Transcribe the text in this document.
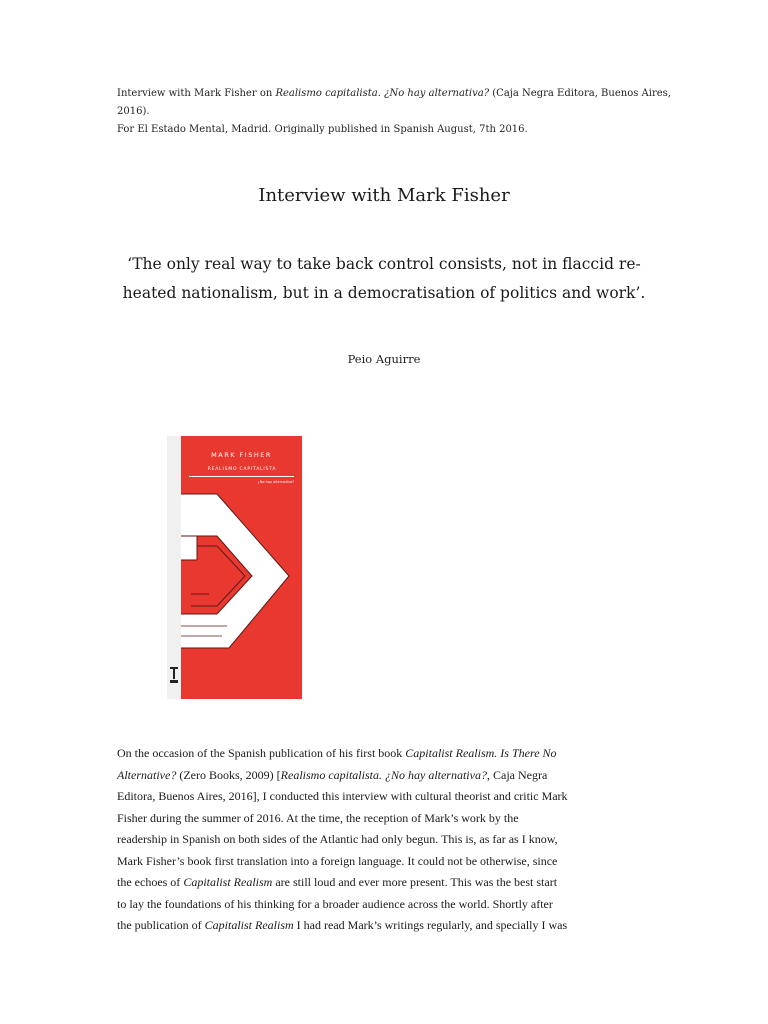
Interview with Mark Fisher on Realismo capitalista. ¿No hay alternativa? (Caja Negra Editora, Buenos Aires, 2016).
For El Estado Mental, Madrid. Originally published in Spanish August, 7th 2016.
Interview with Mark Fisher
‘The only real way to take back control consists, not in flaccid re-
heated nationalism, but in a democratisation of politics and work’.
Peio Aguirre
MARK FISHER
REALISMO CAPITALISTA
¿No hay alternativa?
On the occasion of the Spanish publication of his first book Capitalist Realism. Is There No
Alternative? (Zero Books, 2009) [Realismo capitalista. ¿No hay alternativa?, Caja Negra
Editora, Buenos Aires, 2016], I conducted this interview with cultural theorist and critic Mark
Fisher during the summer of 2016. At the time, the reception of Mark’s work by the
readership in Spanish on both sides of the Atlantic had only begun. This is, as far as I know,
Mark Fisher’s book first translation into a foreign language. It could not be otherwise, since
the echoes of Capitalist Realism are still loud and ever more present. This was the best start
to lay the foundations of his thinking for a broader audience across the world. Shortly after
the publication of Capitalist Realism I had read Mark’s writings regularly, and specially I was
